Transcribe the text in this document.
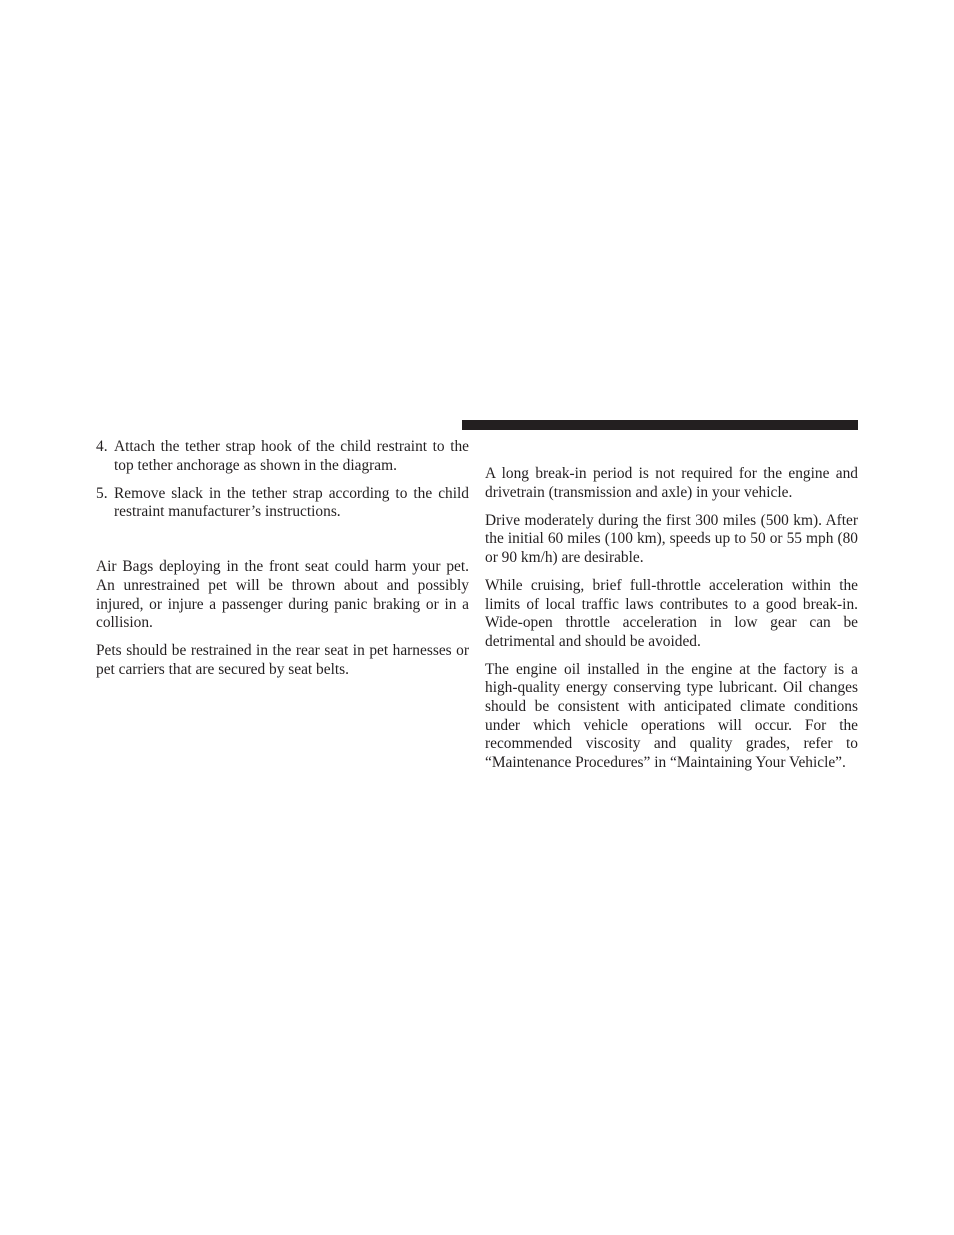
4. Attach the tether strap hook of the child restraint to the top tether anchorage as shown in the diagram.
5. Remove slack in the tether strap according to the child restraint manufacturer’s instructions.

Air Bags deploying in the front seat could harm your pet. An unrestrained pet will be thrown about and possibly injured, or injure a passenger during panic braking or in a collision.

Pets should be restrained in the rear seat in pet harnesses or pet carriers that are secured by seat belts.

A long break-in period is not required for the engine and drivetrain (transmission and axle) in your vehicle.

Drive moderately during the first 300 miles (500 km). After the initial 60 miles (100 km), speeds up to 50 or 55 mph (80 or 90 km/h) are desirable.

While cruising, brief full-throttle acceleration within the limits of local traffic laws contributes to a good break-in. Wide-open throttle acceleration in low gear can be detrimental and should be avoided.

The engine oil installed in the engine at the factory is a high-quality energy conserving type lubricant. Oil changes should be consistent with anticipated climate conditions under which vehicle operations will occur. For the recommended viscosity and quality grades, refer to “Maintenance Procedures” in “Maintaining Your Vehicle”.
